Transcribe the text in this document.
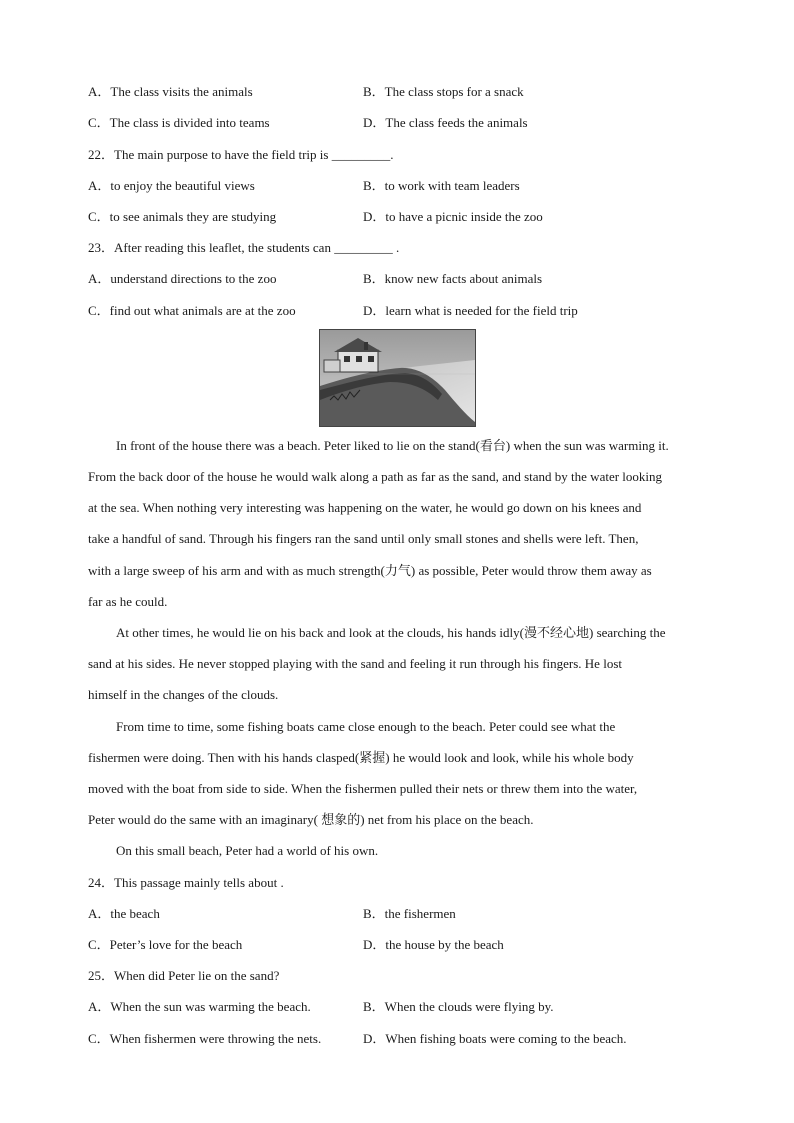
A．The class visits the animals	B．The class stops for a snack
C．The class is divided into teams	D．The class feeds the animals
22．The main purpose to have the field trip is _________.
A．to enjoy the beautiful views	B．to work with team leaders
C．to see animals they are studying	D．to have a picnic inside the zoo
23．After reading this leaflet, the students can _________ .
A．understand directions to the zoo	B．know new facts about animals
C．find out what animals are at the zoo	D．learn what is needed for the field trip
In front of the house there was a beach. Peter liked to lie on the stand(看台) when the sun was warming it.
From the back door of the house he would walk along a path as far as the sand, and stand by the water looking
at the sea. When nothing very interesting was happening on the water, he would go down on his knees and
take a handful of sand. Through his fingers ran the sand until only small stones and shells were left. Then,
with a large sweep of his arm and with as much strength(力气) as possible, Peter would throw them away as
far as he could.
At other times, he would lie on his back and look at the clouds, his hands idly(漫不经心地) searching the
sand at his sides. He never stopped playing with the sand and feeling it run through his fingers. He lost
himself in the changes of the clouds.
From time to time, some fishing boats came close enough to the beach. Peter could see what the
fishermen were doing. Then with his hands clasped(紧握) he would look and look, while his whole body
moved with the boat from side to side. When the fishermen pulled their nets or threw them into the water,
Peter would do the same with an imaginary( 想象的) net from his place on the beach.
On this small beach, Peter had a world of his own.
24．This passage mainly tells about .
A．the beach	B．the fishermen
C．Peter’s love for the beach	D．the house by the beach
25．When did Peter lie on the sand?
A．When the sun was warming the beach.	B．When the clouds were flying by.
C．When fishermen were throwing the nets.	D．When fishing boats were coming to the beach.
